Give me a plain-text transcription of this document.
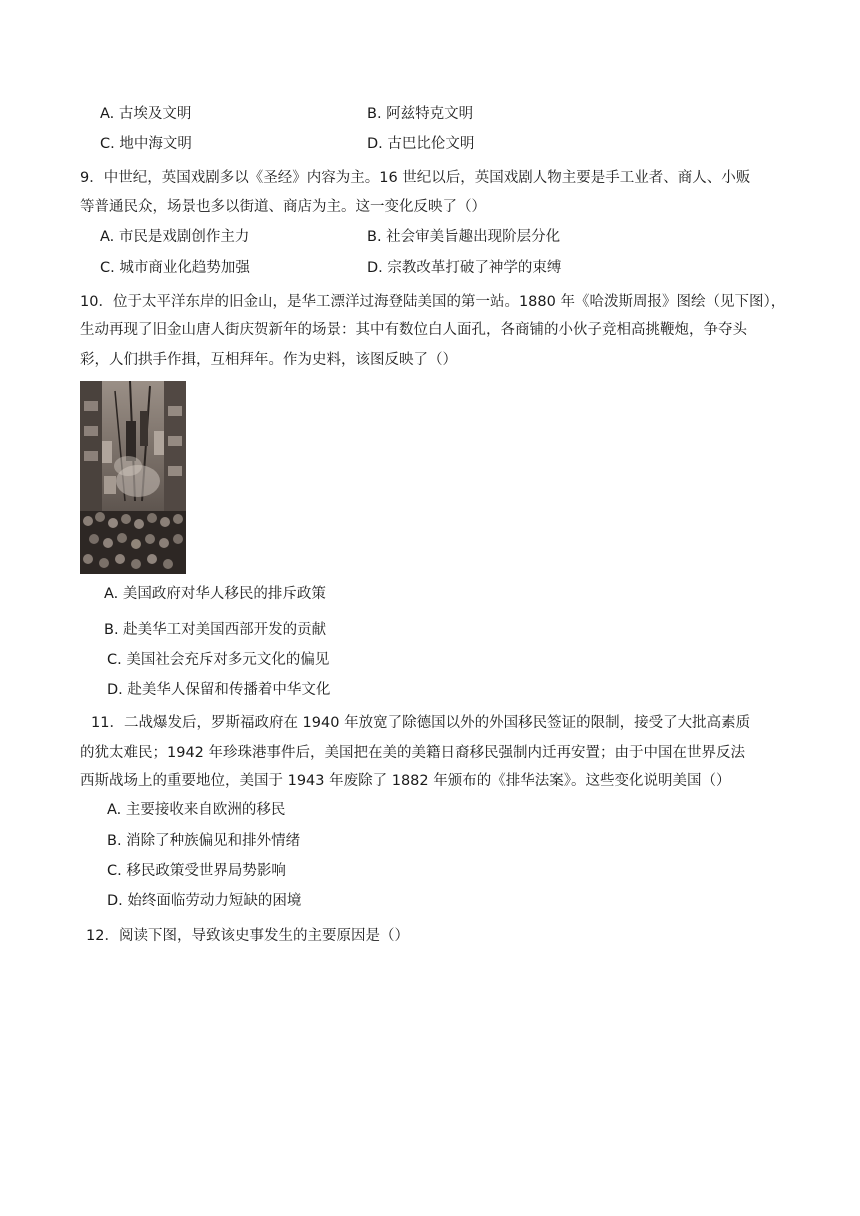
A. 古埃及文明	B. 阿兹特克文明
C. 地中海文明	D. 古巴比伦文明
9．中世纪，英国戏剧多以《圣经》内容为主。16 世纪以后，英国戏剧人物主要是手工业者、商人、小贩
等普通民众，场景也多以街道、商店为主。这一变化反映了（）
A. 市民是戏剧创作主力	B. 社会审美旨趣出现阶层分化
C. 城市商业化趋势加强	D. 宗教改革打破了神学的束缚
10．位于太平洋东岸的旧金山，是华工漂洋过海登陆美国的第一站。1880 年《哈泼斯周报》图绘（见下图），
生动再现了旧金山唐人街庆贺新年的场景：其中有数位白人面孔，各商铺的小伙子竞相高挑鞭炮，争夺头
彩，人们拱手作揖，互相拜年。作为史料，该图反映了（）
A. 美国政府对华人移民的排斥政策
B. 赴美华工对美国西部开发的贡献
C. 美国社会充斥对多元文化的偏见
D. 赴美华人保留和传播着中华文化
11．二战爆发后，罗斯福政府在 1940 年放宽了除德国以外的外国移民签证的限制，接受了大批高素质
的犹太难民；1942 年珍珠港事件后，美国把在美的美籍日裔移民强制内迁再安置；由于中国在世界反法
西斯战场上的重要地位，美国于 1943 年废除了 1882 年颁布的《排华法案》。这些变化说明美国（）
A. 主要接收来自欧洲的移民
B. 消除了种族偏见和排外情绪
C. 移民政策受世界局势影响
D. 始终面临劳动力短缺的困境
12．阅读下图，导致该史事发生的主要原因是（）
